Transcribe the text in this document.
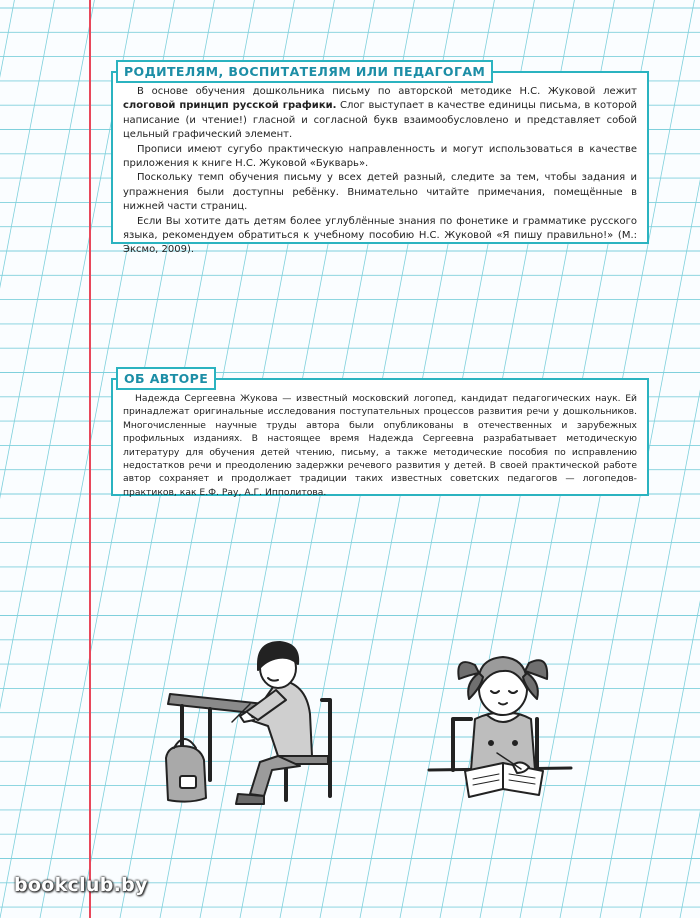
В основе обучения дошкольника письму по авторской методике Н.С. Жуковой лежит слоговой принцип русской графики. Слог выступает в качестве единицы письма, в которой написание (и чтение!) гласной и согласной букв взаимообусловлено и представляет собой цельный графический элемент.

Прописи имеют сугубо практическую направленность и могут использоваться в качестве приложения к книге Н.С. Жуковой «Букварь».

Поскольку темп обучения письму у всех детей разный, следите за тем, чтобы задания и упражнения были доступны ребёнку. Внимательно читайте примечания, помещённые в нижней части страниц.

Если Вы хотите дать детям более углублённые знания по фонетике и грамматике русского языка, рекомендуем обратиться к учебному пособию Н.С. Жуковой «Я пишу правильно!» (М.: Эксмо, 2009).

РОДИТЕЛЯМ, ВОСПИТАТЕЛЯМ ИЛИ ПЕДАГОГАМ

Надежда Сергеевна Жукова — известный московский логопед, кандидат педагогических наук. Ей принадлежат оригинальные исследования поступательных процессов развития речи у дошкольников. Многочисленные научные труды автора были опубликованы в отечественных и зарубежных профильных изданиях. В настоящее время Надежда Сергеевна разрабатывает методическую литературу для обучения детей чтению, письму, а также методические пособия по исправлению недостатков речи и преодолению задержки речевого развития у детей. В своей практической работе автор сохраняет и продолжает традиции таких известных советских педагогов — логопедов-практиков, как Е.Ф. Рау, А.Г. Ипполитова.

ОБ АВТОРЕ
bookclub.by
